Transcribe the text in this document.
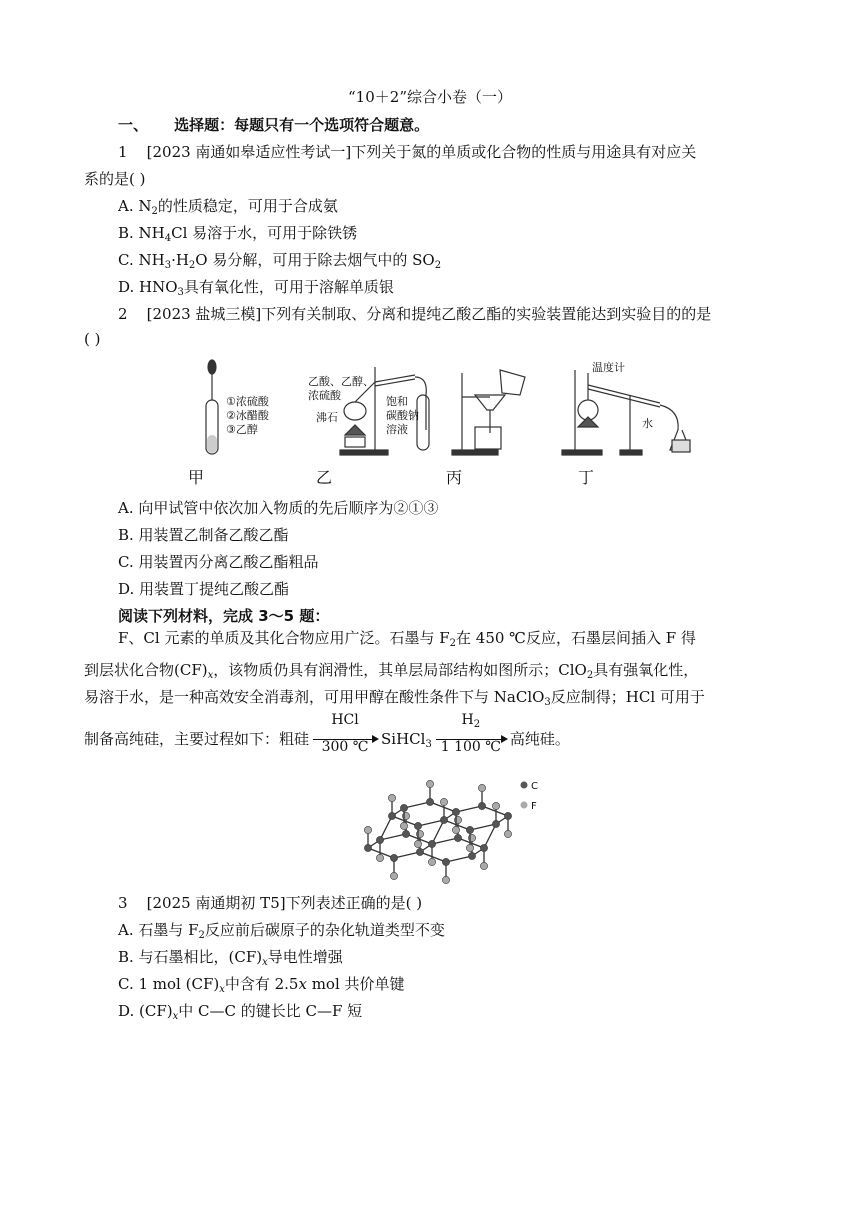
“10＋2”综合小卷（一）
一、 选择题：每题只有一个选项符合题意。
1 [2023 南通如皋适应性考试一]下列关于氮的单质或化合物的性质与用途具有对应关
系的是( )
A. $N_2$的性质稳定，可用于合成氨
B. $NH_4Cl$ 易溶于水，可用于除铁锈
C. $NH_3\cdot H_2O$ 易分解，可用于除去烟气中的 $SO_2$
D. $HNO_3$具有氧化性，可用于溶解单质银
2 [2023 盐城三模]下列有关制取、分离和提纯乙酸乙酯的实验装置能达到实验目的的是
( )
①浓硫酸
②冰醋酸
③乙醇
乙酸、乙醇、
浓硫酸
沸石
饱和
碳酸钠
溶液
温度计
水
甲	乙	丙	丁
A. 向甲试管中依次加入物质的先后顺序为②①③
B. 用装置乙制备乙酸乙酯
C. 用装置丙分离乙酸乙酯粗品
D. 用装置丁提纯乙酸乙酯
阅读下列材料，完成 3～5 题：
F、Cl 元素的单质及其化合物应用广泛。石墨与 $F_2$在 450 ℃反应，石墨层间插入 F 得

到层状化合物$(CF)_x$，该物质仍具有润滑性，其单层局部结构如图所示；ClO$_2$具有强氧化性，
易溶于水，是一种高效安全消毒剂，可用甲醇在酸性条件下与 NaClO$_3$反应制得；HCl 可用于
制备高纯硅，主要过程如下：粗硅
HCl
300 ℃ SiHCl$_3$ $\frac{H_2}{1 100 ℃}$ 高纯硅。
C
F
3 [2025 南通期初 T5]下列表述正确的是( )
A. 石墨与 $F_2$反应前后碳原子的杂化轨道类型不变
B. 与石墨相比，$(CF)_x$导电性增强
C. 1 mol $(CF)_x$中含有 2.5x mol 共价单键
D. $(CF)_x$中 C—C 的键长比 C—F 短
